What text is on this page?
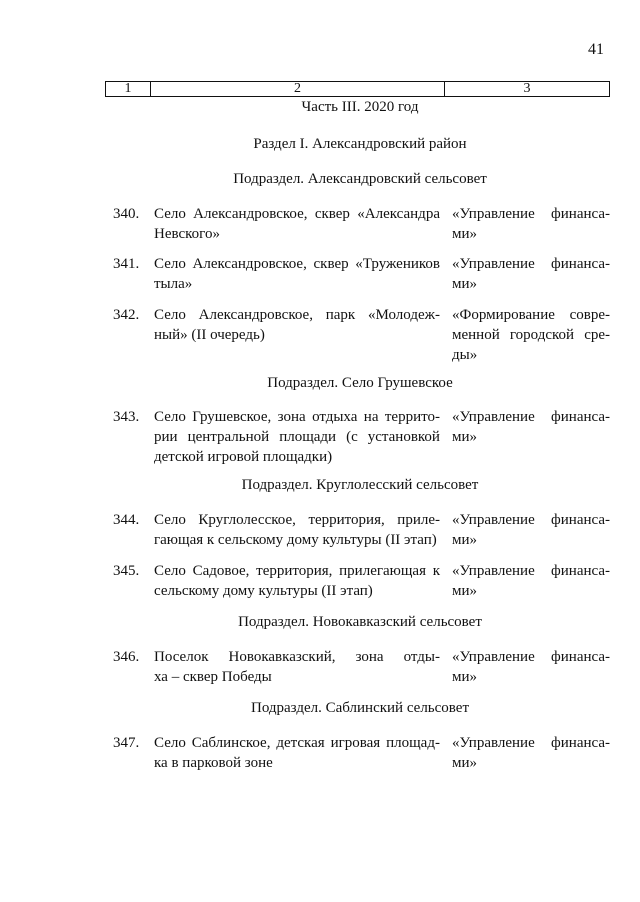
41
1	2	3
Часть III. 2020 год
Раздел I. Александровский район
Подраздел. Александровский сельсовет
340. Село Александровское, сквер «Александра
Невского»
«Управление финанса-
ми»
341. Село Александровское, сквер «Тружеников
тыла»
«Управление финанса-
ми»
342. Село Александровское, парк «Молодеж-
ный» (II очередь)
«Формирование совре-
менной городской сре-
ды»
Подраздел. Село Грушевское
343. Село Грушевское, зона отдыха на террито-
рии центральной площади (с установкой
детской игровой площадки)
«Управление финанса-
ми»
Подраздел. Круглолесский сельсовет
344. Село Круглолесское, территория, приле-
гающая к сельскому дому культуры (II этап)
«Управление финанса-
ми»
345. Село Садовое, территория, прилегающая к
сельскому дому культуры (II этап)
«Управление финанса-
ми»
Подраздел. Новокавказский сельсовет
346. Поселок Новокавказский, зона отды-
ха – сквер Победы
«Управление финанса-
ми»
Подраздел. Саблинский сельсовет
347. Село Саблинское, детская игровая площад-
ка в парковой зоне
«Управление финанса-
ми»
